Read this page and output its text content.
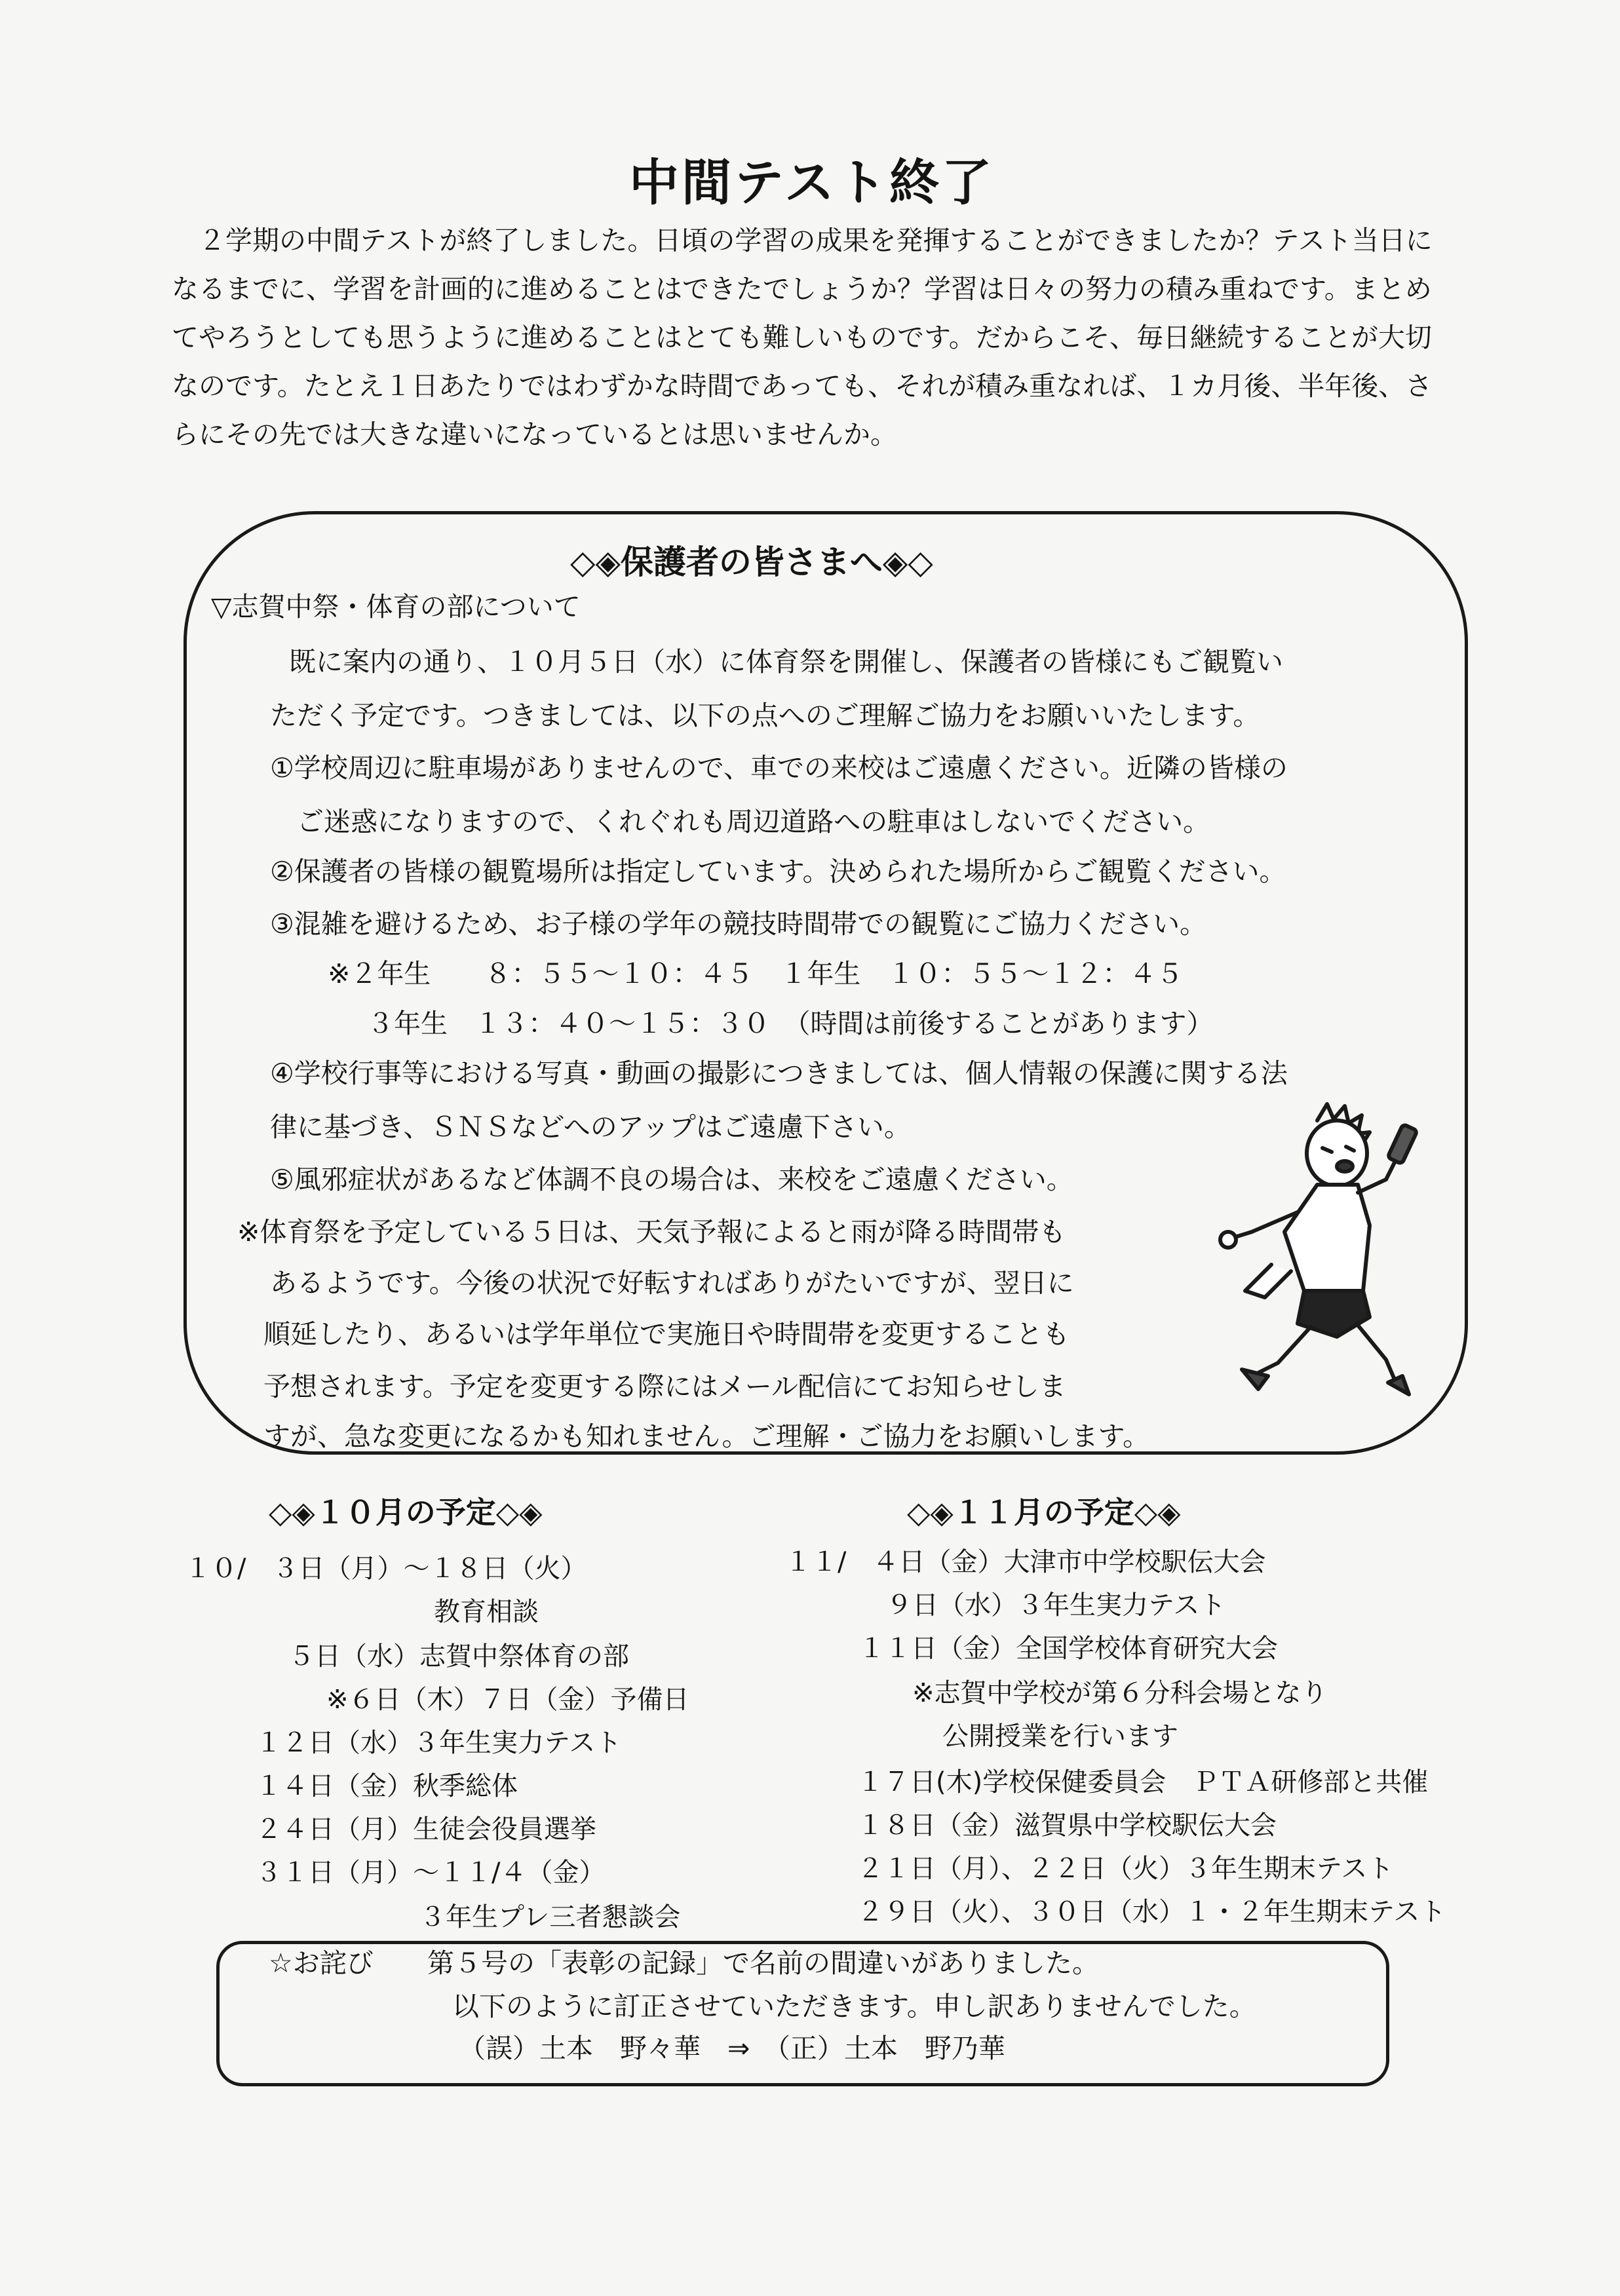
中間テスト終了
　２学期の中間テストが終了しました。日頃の学習の成果を発揮することができましたか？テスト当日になるまでに、学習を計画的に進めることはできたでしょうか？学習は日々の努力の積み重ねです。まとめてやろうとしても思うように進めることはとても難しいものです。だからこそ、毎日継続することが大切なのです。たとえ１日あたりではわずかな時間であっても、それが積み重なれば、１カ月後、半年後、さらにその先では大きな違いになっているとは思いませんか。
◇◈保護者の皆さまへ◈◇
▽志賀中祭・体育の部について
　既に案内の通り、１０月５日（水）に体育祭を開催し、保護者の皆様にもご観覧い
ただく予定です。つきましては、以下の点へのご理解ご協力をお願いいたします。
①学校周辺に駐車場がありませんので、車での来校はご遠慮ください。近隣の皆様の
　ご迷惑になりますので、くれぐれも周辺道路への駐車はしないでください。
②保護者の皆様の観覧場所は指定しています。決められた場所からご観覧ください。
③混雑を避けるため、お子様の学年の競技時間帯での観覧にご協力ください。
※２年生　　８：５５～１０：４５　１年生　１０：５５～１２：４５
３年生　１３：４０～１５：３０　（時間は前後することがあります）
④学校行事等における写真・動画の撮影につきましては、個人情報の保護に関する法
律に基づき、ＳＮＳなどへのアップはご遠慮下さい。
⑤風邪症状があるなど体調不良の場合は、来校をご遠慮ください。
※体育祭を予定している５日は、天気予報によると雨が降る時間帯も
あるようです。今後の状況で好転すればありがたいですが、翌日に
順延したり、あるいは学年単位で実施日や時間帯を変更することも
予想されます。予定を変更する際にはメール配信にてお知らせしま
すが、急な変更になるかも知れません。ご理解・ご協力をお願いします。
◇◈１０月の予定◇◈	◇◈１１月の予定◇◈
１０/　３日（月）～１８日（火）
教育相談
５日（水）志賀中祭体育の部
※６日（木）７日（金）予備日
１２日（水）３年生実力テスト
１４日（金）秋季総体
２４日（月）生徒会役員選挙
３１日（月）～１１/４（金）
３年生プレ三者懇談会
１１/　４日（金）大津市中学校駅伝大会
９日（水）３年生実力テスト
１１日（金）全国学校体育研究大会
※志賀中学校が第６分科会場となり
公開授業を行います
１７日(木)学校保健委員会　ＰＴＡ研修部と共催
１８日（金）滋賀県中学校駅伝大会
２１日（月）、２２日（火）３年生期末テスト
２９日（火）、３０日（水）１・２年生期末テスト
☆お詫び 第５号の「表彰の記録」で名前の間違いがありました。
以下のように訂正させていただきます。申し訳ありませんでした。
（誤）土本　野々華　⇒　（正）土本　野乃華
